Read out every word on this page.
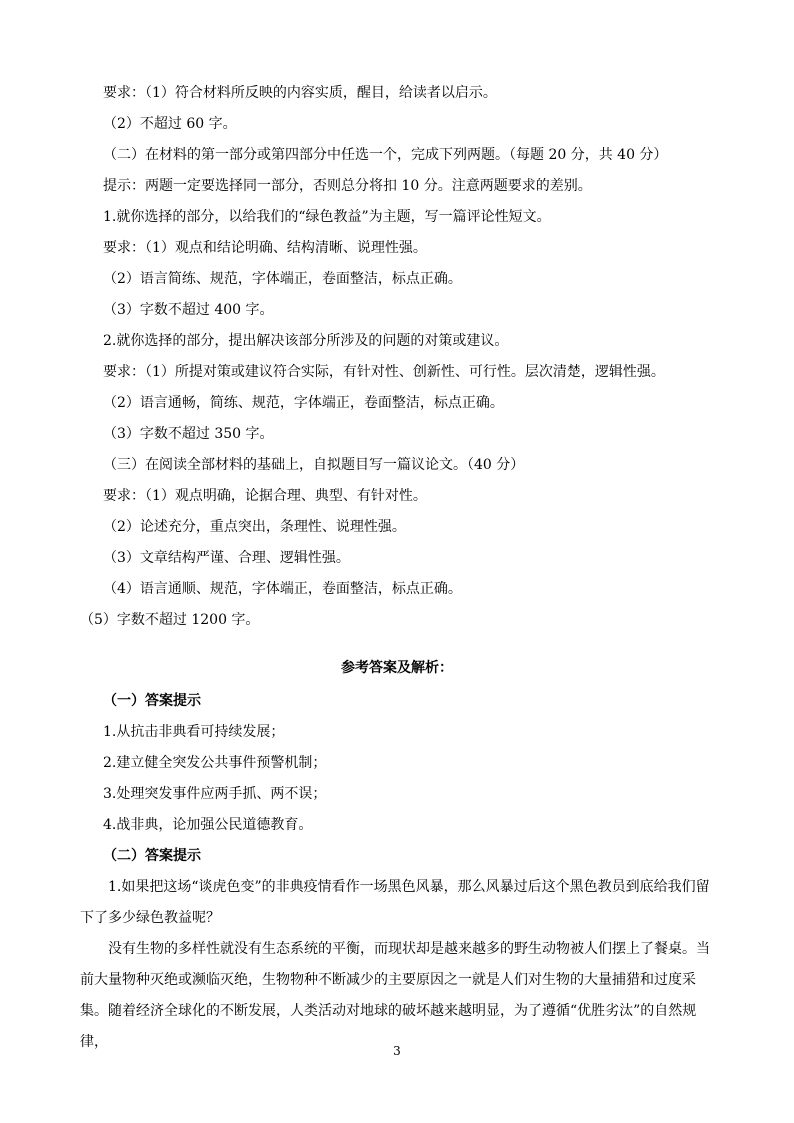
要求：（1）符合材料所反映的内容实质，醒目，给读者以启示。
（2）不超过 60 字。
（二）在材料的第一部分或第四部分中任选一个，完成下列两题。（每题 20 分，共 40 分）
提示：两题一定要选择同一部分，否则总分将扣 10 分。注意两题要求的差别。
1.就你选择的部分，以给我们的“绿色教益”为主题，写一篇评论性短文。
要求：（1）观点和结论明确、结构清晰、说理性强。
（2）语言简练、规范，字体端正，卷面整洁，标点正确。
（3）字数不超过 400 字。
2.就你选择的部分，提出解决该部分所涉及的问题的对策或建议。
要求：（1）所提对策或建议符合实际，有针对性、创新性、可行性。层次清楚，逻辑性强。
（2）语言通畅，简练、规范，字体端正，卷面整洁，标点正确。
（3）字数不超过 350 字。
（三）在阅读全部材料的基础上，自拟题目写一篇议论文。（40 分）
要求：（1）观点明确，论据合理、典型、有针对性。
（2）论述充分，重点突出，条理性、说理性强。
（3）文章结构严谨、合理、逻辑性强。
（4）语言通顺、规范，字体端正，卷面整洁，标点正确。
（5）字数不超过 1200 字。
参考答案及解析：
（一）答案提示
1.从抗击非典看可持续发展；
2.建立健全突发公共事件预警机制；
3.处理突发事件应两手抓、两不误；
4.战非典，论加强公民道德教育。
（二）答案提示
1.如果把这场“谈虎色变”的非典疫情看作一场黑色风暴，那么风暴过后这个黑色教员到底给我们留下了多少绿色教益呢？
没有生物的多样性就没有生态系统的平衡，而现状却是越来越多的野生动物被人们摆上了餐桌。当前大量物种灭绝或濒临灭绝，生物物种不断减少的主要原因之一就是人们对生物的大量捕猎和过度采集。随着经济全球化的不断发展，人类活动对地球的破坏越来越明显，为了遵循“优胜劣汰”的自然规律，
3
